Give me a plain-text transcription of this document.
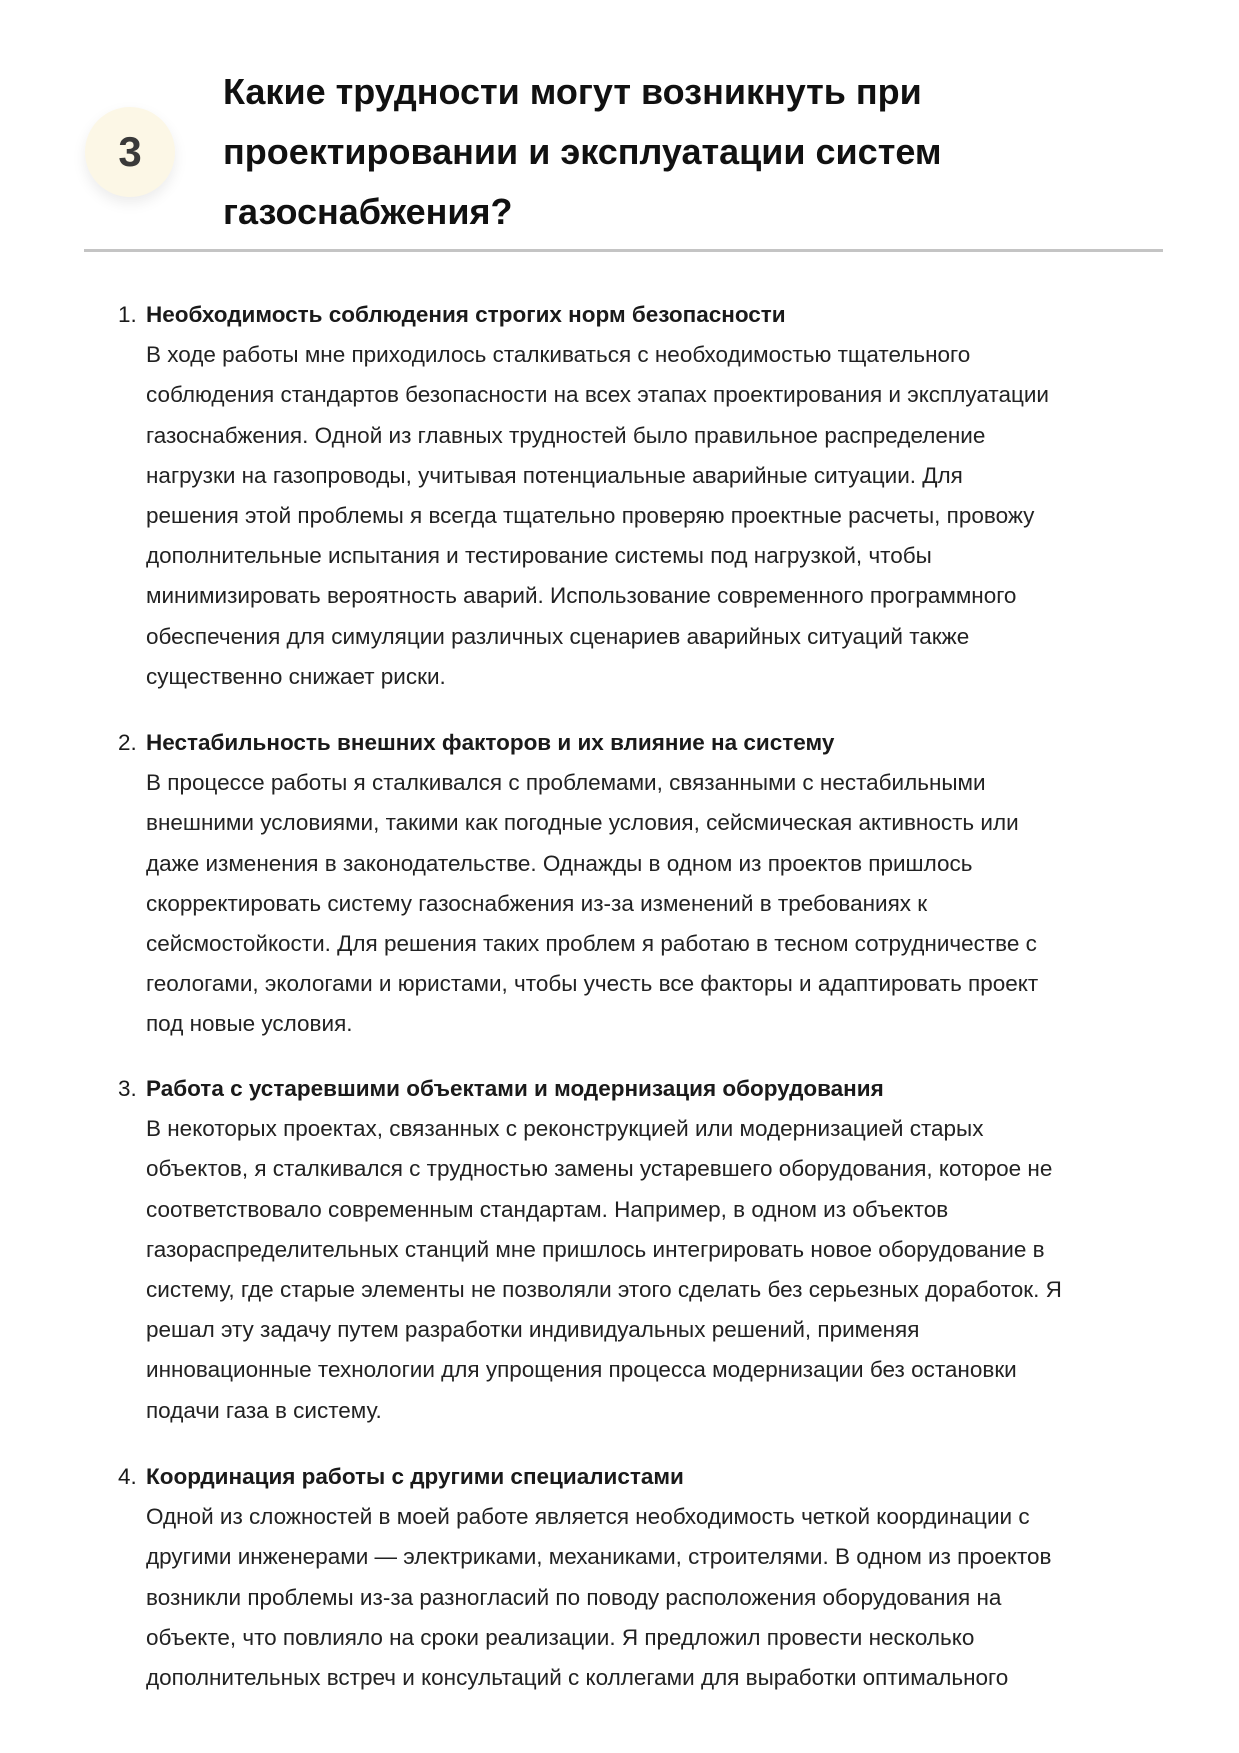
3
Какие трудности могут возникнуть при
проектировании и эксплуатации систем
газоснабжения?
1. Необходимость соблюдения строгих норм безопасности
В ходе работы мне приходилось сталкиваться с необходимостью тщательного
соблюдения стандартов безопасности на всех этапах проектирования и эксплуатации
газоснабжения. Одной из главных трудностей было правильное распределение
нагрузки на газопроводы, учитывая потенциальные аварийные ситуации. Для
решения этой проблемы я всегда тщательно проверяю проектные расчеты, провожу
дополнительные испытания и тестирование системы под нагрузкой, чтобы
минимизировать вероятность аварий. Использование современного программного
обеспечения для симуляции различных сценариев аварийных ситуаций также
существенно снижает риски.
2. Нестабильность внешних факторов и их влияние на систему
В процессе работы я сталкивался с проблемами, связанными с нестабильными
внешними условиями, такими как погодные условия, сейсмическая активность или
даже изменения в законодательстве. Однажды в одном из проектов пришлось
скорректировать систему газоснабжения из-за изменений в требованиях к
сейсмостойкости. Для решения таких проблем я работаю в тесном сотрудничестве с
геологами, экологами и юристами, чтобы учесть все факторы и адаптировать проект
под новые условия.
3. Работа с устаревшими объектами и модернизация оборудования
В некоторых проектах, связанных с реконструкцией или модернизацией старых
объектов, я сталкивался с трудностью замены устаревшего оборудования, которое не
соответствовало современным стандартам. Например, в одном из объектов
газораспределительных станций мне пришлось интегрировать новое оборудование в
систему, где старые элементы не позволяли этого сделать без серьезных доработок. Я
решал эту задачу путем разработки индивидуальных решений, применяя
инновационные технологии для упрощения процесса модернизации без остановки
подачи газа в систему.
4. Координация работы с другими специалистами
Одной из сложностей в моей работе является необходимость четкой координации с
другими инженерами — электриками, механиками, строителями. В одном из проектов
возникли проблемы из-за разногласий по поводу расположения оборудования на
объекте, что повлияло на сроки реализации. Я предложил провести несколько
дополнительных встреч и консультаций с коллегами для выработки оптимального
